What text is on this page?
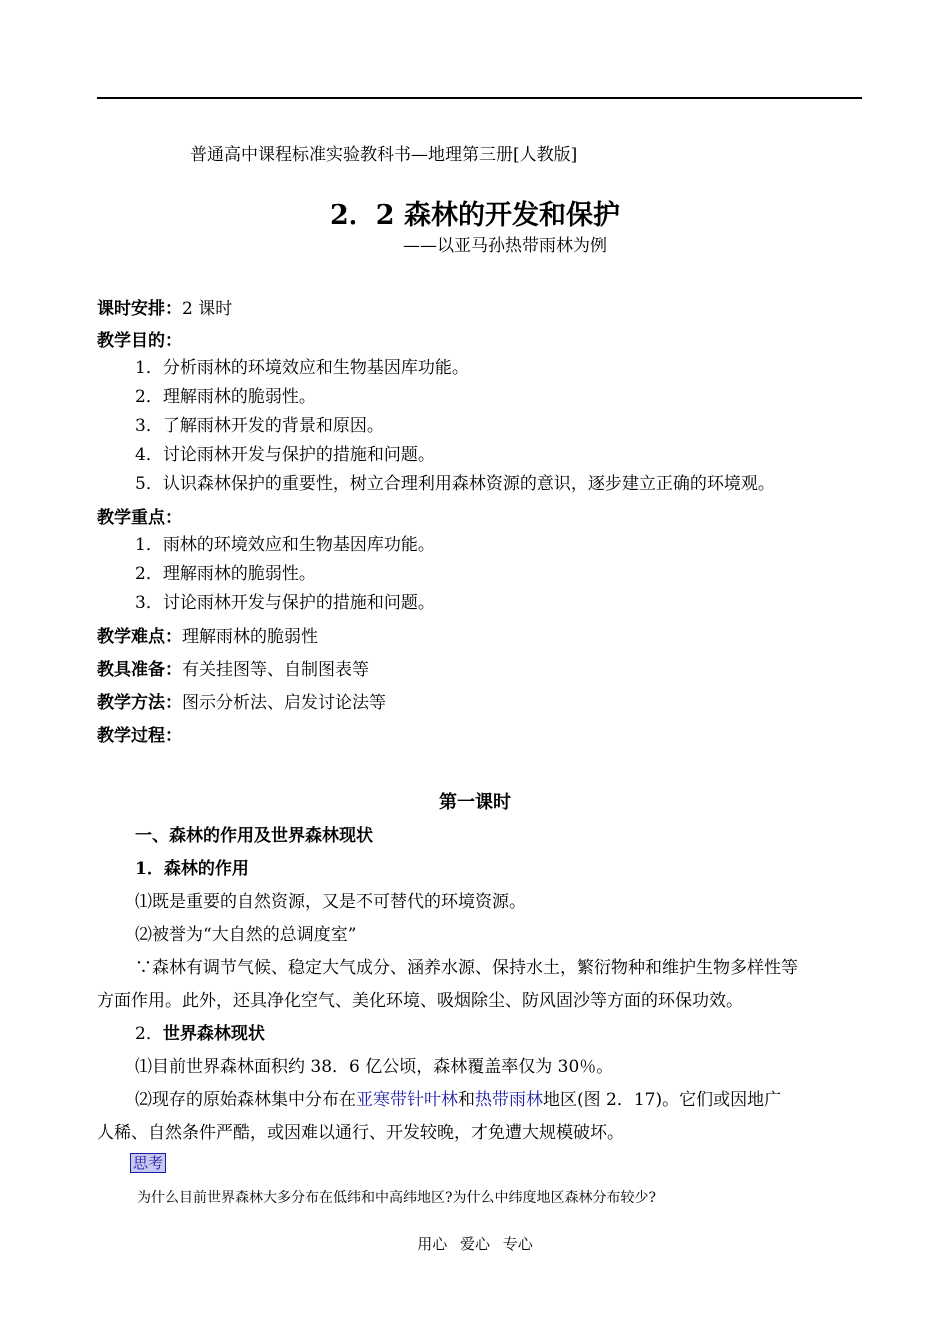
普通高中课程标准实验教科书—地理第三册[人教版]
2．2 森林的开发和保护
——以亚马孙热带雨林为例
课时安排：2 课时
教学目的：
1．分析雨林的环境效应和生物基因库功能。
2．理解雨林的脆弱性。
3．了解雨林开发的背景和原因。
4．讨论雨林开发与保护的措施和问题。
5．认识森林保护的重要性，树立合理利用森林资源的意识，逐步建立正确的环境观。
教学重点：
1．雨林的环境效应和生物基因库功能。
2．理解雨林的脆弱性。
3．讨论雨林开发与保护的措施和问题。
教学难点：理解雨林的脆弱性
教具准备：有关挂图等、自制图表等
教学方法：图示分析法、启发讨论法等
教学过程：
第一课时
一、森林的作用及世界森林现状
1．森林的作用
⑴既是重要的自然资源，又是不可替代的环境资源。
⑵被誉为“大自然的总调度室”
∵森林有调节气候、稳定大气成分、涵养水源、保持水土，繁衍物种和维护生物多样性等
方面作用。此外，还具净化空气、美化环境、吸烟除尘、防风固沙等方面的环保功效。
2．世界森林现状
⑴目前世界森林面积约 38．6 亿公顷，森林覆盖率仅为 30％。
⑵现存的原始森林集中分布在亚寒带针叶林和热带雨林地区(图 2．17)。它们或因地广
人稀、自然条件严酷，或因难以通行、开发较晚，才免遭大规模破坏。
思考
为什么目前世界森林大多分布在低纬和中高纬地区?为什么中纬度地区森林分布较少?
用心 爱心 专心
